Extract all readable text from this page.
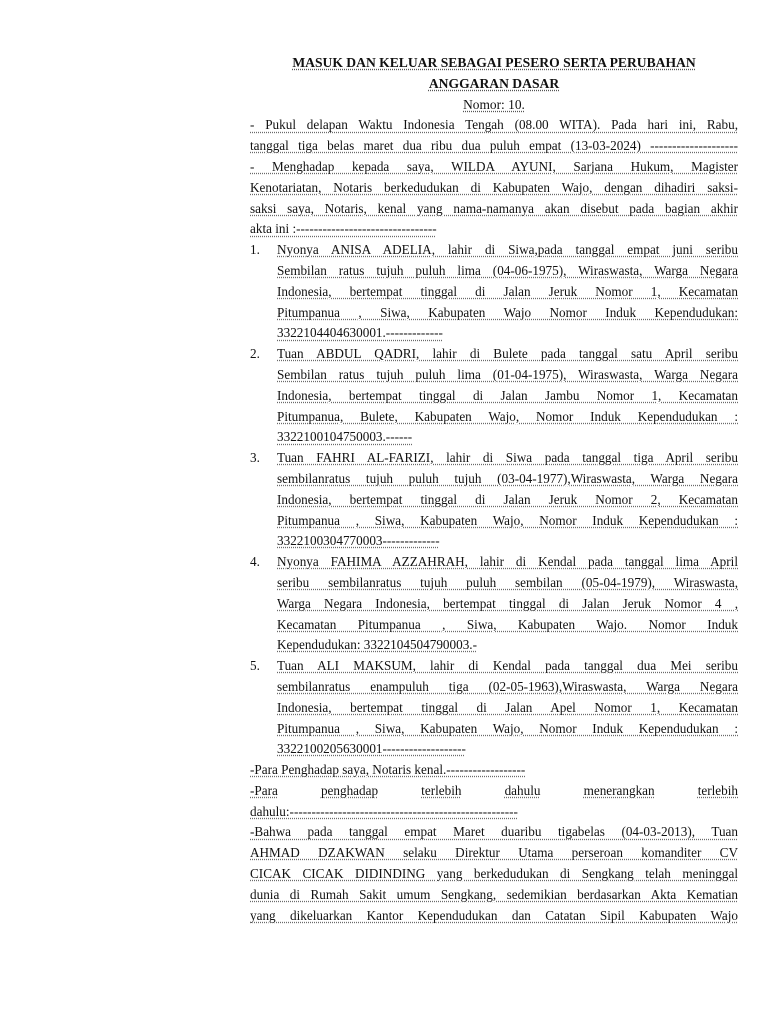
MASUK DAN KELUAR SEBAGAI PESERO SERTA PERUBAHAN
ANGGARAN DASAR
Nomor: 10.
- Pukul delapan Waktu Indonesia Tengah (08.00 WITA). Pada hari ini, Rabu,
tanggal tiga belas maret dua ribu dua puluh empat (13-03-2024) --------------------
- Menghadap kepada saya, WILDA AYUNI, Sarjana Hukum, Magister
Kenotariatan, Notaris berkedudukan di Kabupaten Wajo, dengan dihadiri saksi-
saksi saya, Notaris, kenal yang nama-namanya akan disebut pada bagian akhir
akta ini :--------------------------------
1.	Nyonya ANISA ADELIA, lahir di Siwa,pada tanggal empat juni seribu
Sembilan ratus tujuh puluh lima (04-06-1975), Wiraswasta, Warga Negara
Indonesia, bertempat tinggal di Jalan Jeruk Nomor 1, Kecamatan
Pitumpanua , Siwa, Kabupaten Wajo Nomor Induk Kependudukan:
3322104404630001.-------------
2.	Tuan ABDUL QADRI, lahir di Bulete pada tanggal satu April seribu
Sembilan ratus tujuh puluh lima (01-04-1975), Wiraswasta, Warga Negara
Indonesia, bertempat tinggal di Jalan Jambu Nomor 1, Kecamatan
Pitumpanua, Bulete, Kabupaten Wajo, Nomor Induk Kependudukan :
3322100104750003.------
3.	Tuan FAHRI AL-FARIZI, lahir di Siwa pada tanggal tiga April seribu
sembilanratus tujuh puluh tujuh (03-04-1977),Wiraswasta, Warga Negara
Indonesia, bertempat tinggal di Jalan Jeruk Nomor 2, Kecamatan
Pitumpanua , Siwa, Kabupaten Wajo, Nomor Induk Kependudukan :
3322100304770003-------------
4.	Nyonya FAHIMA AZZAHRAH, lahir di Kendal pada tanggal lima April
seribu sembilanratus tujuh puluh sembilan (05-04-1979), Wiraswasta,
Warga Negara Indonesia, bertempat tinggal di Jalan Jeruk Nomor 4 ,
Kecamatan Pitumpanua , Siwa, Kabupaten Wajo. Nomor Induk
Kependudukan: 3322104504790003.-
5.	Tuan ALI MAKSUM, lahir di Kendal pada tanggal dua Mei seribu
sembilanratus enampuluh tiga (02-05-1963),Wiraswasta, Warga Negara
Indonesia, bertempat tinggal di Jalan Apel Nomor 1, Kecamatan
Pitumpanua , Siwa, Kabupaten Wajo, Nomor Induk Kependudukan :
3322100205630001-------------------
-Para Penghadap saya, Notaris kenal.------------------
-Para	penghadap	terlebih	dahulu	menerangkan	terlebih
dahulu:----------------------------------------------------
-Bahwa pada tanggal empat Maret duaribu tigabelas (04-03-2013), Tuan
AHMAD DZAKWAN selaku Direktur Utama perseroan komanditer CV
CICAK CICAK DIDINDING yang berkedudukan di Sengkang telah meninggal
dunia di Rumah Sakit umum Sengkang, sedemikian berdasarkan Akta Kematian
yang dikeluarkan Kantor Kependudukan dan Catatan Sipil Kabupaten Wajo
